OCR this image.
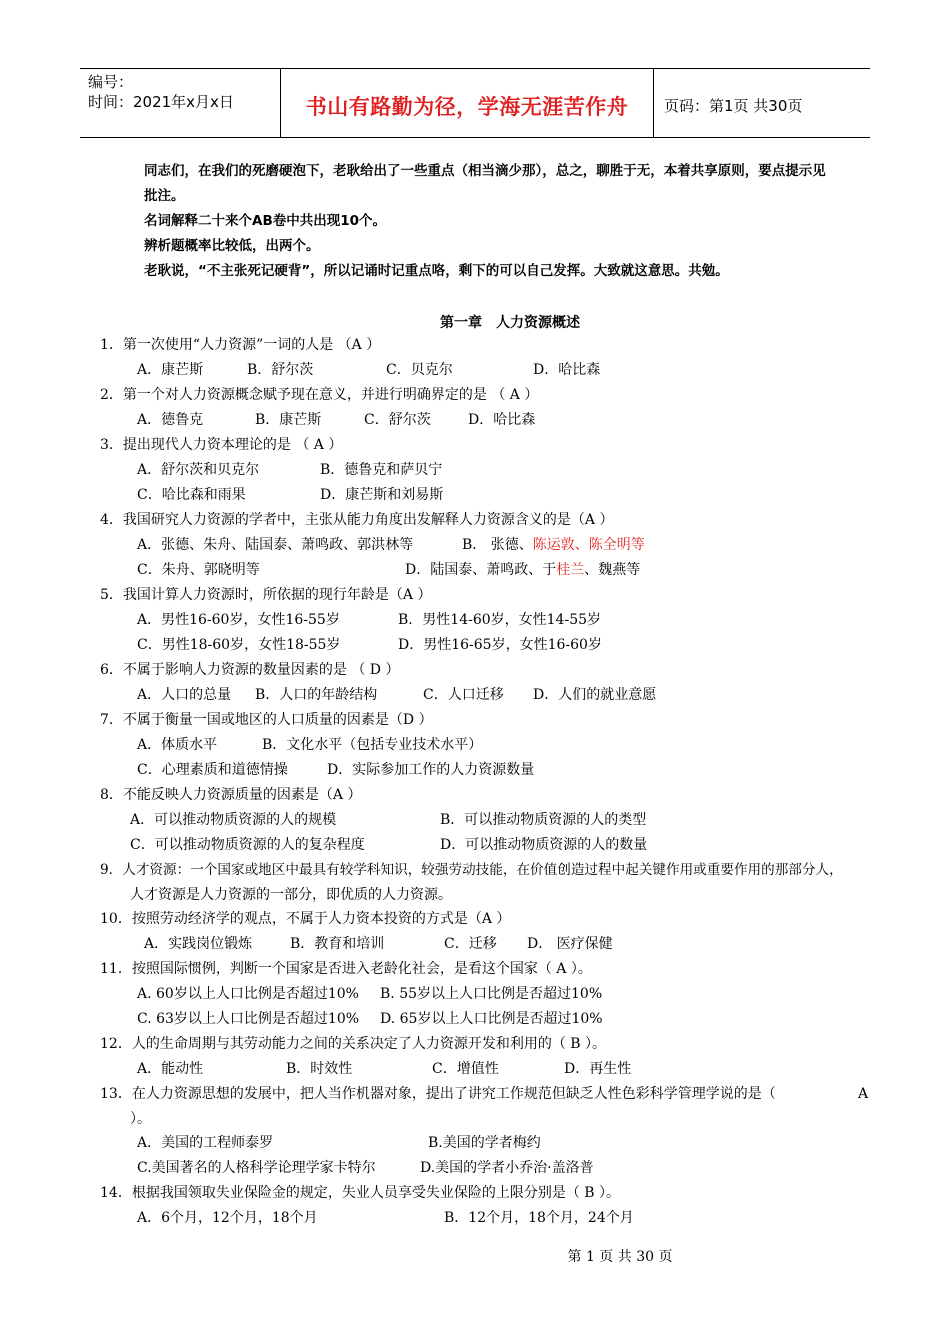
编号：
时间：2021年x月x日	书山有路勤为径，学海无涯苦作舟	页码：第1页 共30页
同志们，在我们的死磨硬泡下，老耿给出了一些重点（相当滴少那），总之，聊胜于无，本着共享原则，要点提示见
批注。
名词解释二十来个AB卷中共出现10个。
辨析题概率比较低，出两个。
老耿说，“不主张死记硬背”，所以记诵时记重点咯，剩下的可以自己发挥。大致就这意思。共勉。
第一章　人力资源概述
1．第一次使用“人力资源”一词的人是 （A ）
A．康芒斯	B．舒尔茨	C．贝克尔	D．哈比森
2．第一个对人力资源概念赋予现在意义，并进行明确界定的是 （ A ）
A．德鲁克	B．康芒斯	C．舒尔茨	D．哈比森
3．提出现代人力资本理论的是 （ A ）
A．舒尔茨和贝克尔	B．德鲁克和萨贝宁
C．哈比森和雨果	D．康芒斯和刘易斯
4．我国研究人力资源的学者中，主张从能力角度出发解释人力资源含义的是（A ）
A．张德、朱舟、陆国泰、萧鸣政、郭洪林等	B． 张德、陈运敦、陈全明等
C．朱舟、郭晓明等	D．陆国泰、萧鸣政、于桂兰、魏燕等
5．我国计算人力资源时，所依据的现行年龄是（A ）
A．男性16-60岁，女性16-55岁	B．男性14-60岁，女性14-55岁
C．男性18-60岁，女性18-55岁	D．男性16-65岁，女性16-60岁
6．不属于影响人力资源的数量因素的是 （ D ）
A．人口的总量 B．人口的年龄结构	C．人口迁移 D．人们的就业意愿
7．不属于衡量一国或地区的人口质量的因素是（D ）
A．体质水平	B．文化水平（包括专业技术水平）
C．心理素质和道德情操	D．实际参加工作的人力资源数量
8．不能反映人力资源质量的因素是（A ）
A．可以推动物质资源的人的规模	B．可以推动物质资源的人的类型
C．可以推动物质资源的人的复杂程度	D．可以推动物质资源的人的数量
9．人才资源：一个国家或地区中最具有较学科知识，较强劳动技能，在价值创造过程中起关键作用或重要作用的那部分人，
人才资源是人力资源的一部分，即优质的人力资源。
10．按照劳动经济学的观点，不属于人力资本投资的方式是（A ）
A．实践岗位锻炼	B．教育和培训	C．迁移 D． 医疗保健
11．按照国际惯例，判断一个国家是否进入老龄化社会，是看这个国家（ A ）。
A. 60岁以上人口比例是否超过10% B. 55岁以上人口比例是否超过10%
C. 63岁以上人口比例是否超过10% D. 65岁以上人口比例是否超过10%
12．人的生命周期与其劳动能力之间的关系决定了人力资源开发和利用的（ B ）。
A．能动性	B．时效性	C．增值性	D．再生性
13．在人力资源思想的发展中，把人当作机器对象，提出了讲究工作规范但缺乏人性色彩科学管理学说的是（	A
）。
A．美国的工程师泰罗	B.美国的学者梅约
C.美国著名的人格科学论理学家卡特尔	D.美国的学者小乔治·盖洛普
14．根据我国领取失业保险金的规定，失业人员享受失业保险的上限分别是（ B ）。
A．6个月，12个月，18个月	B．12个月，18个月，24个月
第 1 页 共 30 页
